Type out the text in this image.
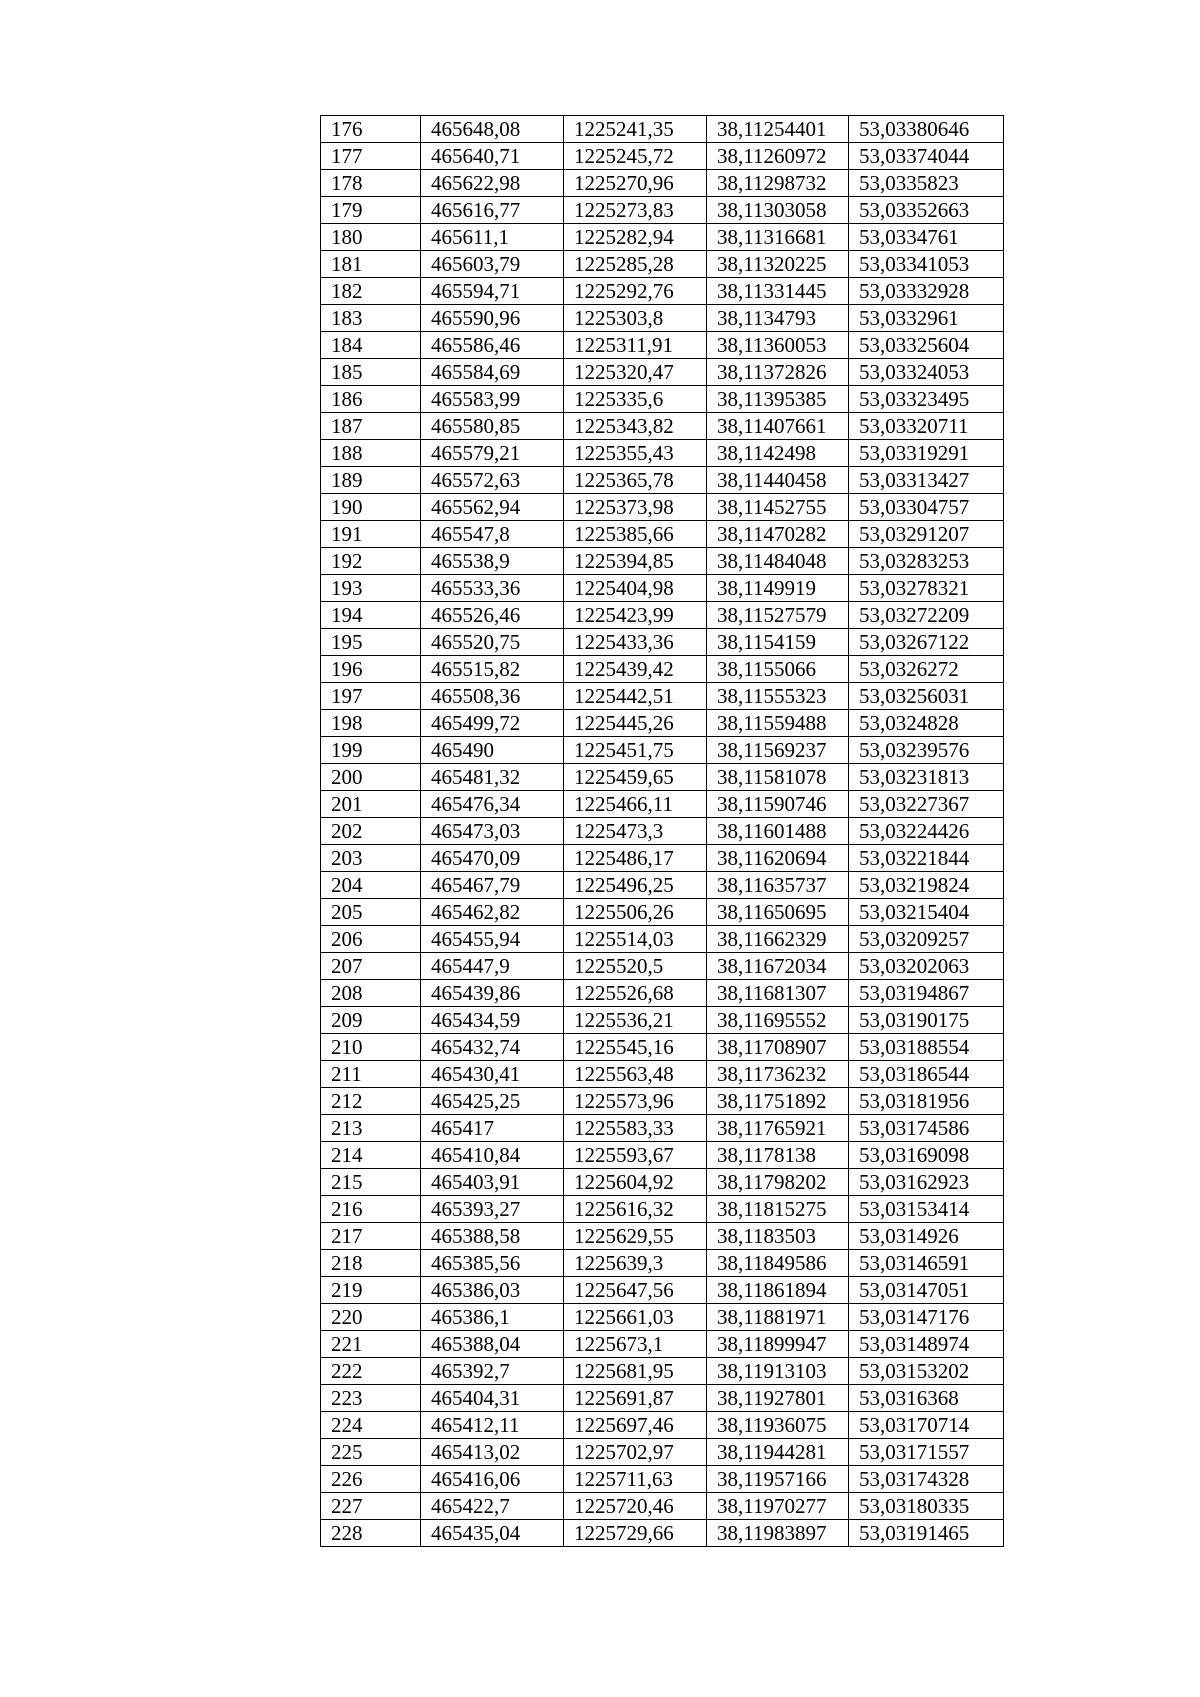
176	465648,08	1225241,35	38,11254401	53,03380646
177	465640,71	1225245,72	38,11260972	53,03374044
178	465622,98	1225270,96	38,11298732	53,0335823
179	465616,77	1225273,83	38,11303058	53,03352663
180	465611,1	1225282,94	38,11316681	53,0334761
181	465603,79	1225285,28	38,11320225	53,03341053
182	465594,71	1225292,76	38,11331445	53,03332928
183	465590,96	1225303,8	38,1134793	53,0332961
184	465586,46	1225311,91	38,11360053	53,03325604
185	465584,69	1225320,47	38,11372826	53,03324053
186	465583,99	1225335,6	38,11395385	53,03323495
187	465580,85	1225343,82	38,11407661	53,03320711
188	465579,21	1225355,43	38,1142498	53,03319291
189	465572,63	1225365,78	38,11440458	53,03313427
190	465562,94	1225373,98	38,11452755	53,03304757
191	465547,8	1225385,66	38,11470282	53,03291207
192	465538,9	1225394,85	38,11484048	53,03283253
193	465533,36	1225404,98	38,1149919	53,03278321
194	465526,46	1225423,99	38,11527579	53,03272209
195	465520,75	1225433,36	38,1154159	53,03267122
196	465515,82	1225439,42	38,1155066	53,0326272
197	465508,36	1225442,51	38,11555323	53,03256031
198	465499,72	1225445,26	38,11559488	53,0324828
199	465490	1225451,75	38,11569237	53,03239576
200	465481,32	1225459,65	38,11581078	53,03231813
201	465476,34	1225466,11	38,11590746	53,03227367
202	465473,03	1225473,3	38,11601488	53,03224426
203	465470,09	1225486,17	38,11620694	53,03221844
204	465467,79	1225496,25	38,11635737	53,03219824
205	465462,82	1225506,26	38,11650695	53,03215404
206	465455,94	1225514,03	38,11662329	53,03209257
207	465447,9	1225520,5	38,11672034	53,03202063
208	465439,86	1225526,68	38,11681307	53,03194867
209	465434,59	1225536,21	38,11695552	53,03190175
210	465432,74	1225545,16	38,11708907	53,03188554
211	465430,41	1225563,48	38,11736232	53,03186544
212	465425,25	1225573,96	38,11751892	53,03181956
213	465417	1225583,33	38,11765921	53,03174586
214	465410,84	1225593,67	38,1178138	53,03169098
215	465403,91	1225604,92	38,11798202	53,03162923
216	465393,27	1225616,32	38,11815275	53,03153414
217	465388,58	1225629,55	38,1183503	53,0314926
218	465385,56	1225639,3	38,11849586	53,03146591
219	465386,03	1225647,56	38,11861894	53,03147051
220	465386,1	1225661,03	38,11881971	53,03147176
221	465388,04	1225673,1	38,11899947	53,03148974
222	465392,7	1225681,95	38,11913103	53,03153202
223	465404,31	1225691,87	38,11927801	53,0316368
224	465412,11	1225697,46	38,11936075	53,03170714
225	465413,02	1225702,97	38,11944281	53,03171557
226	465416,06	1225711,63	38,11957166	53,03174328
227	465422,7	1225720,46	38,11970277	53,03180335
228	465435,04	1225729,66	38,11983897	53,03191465
